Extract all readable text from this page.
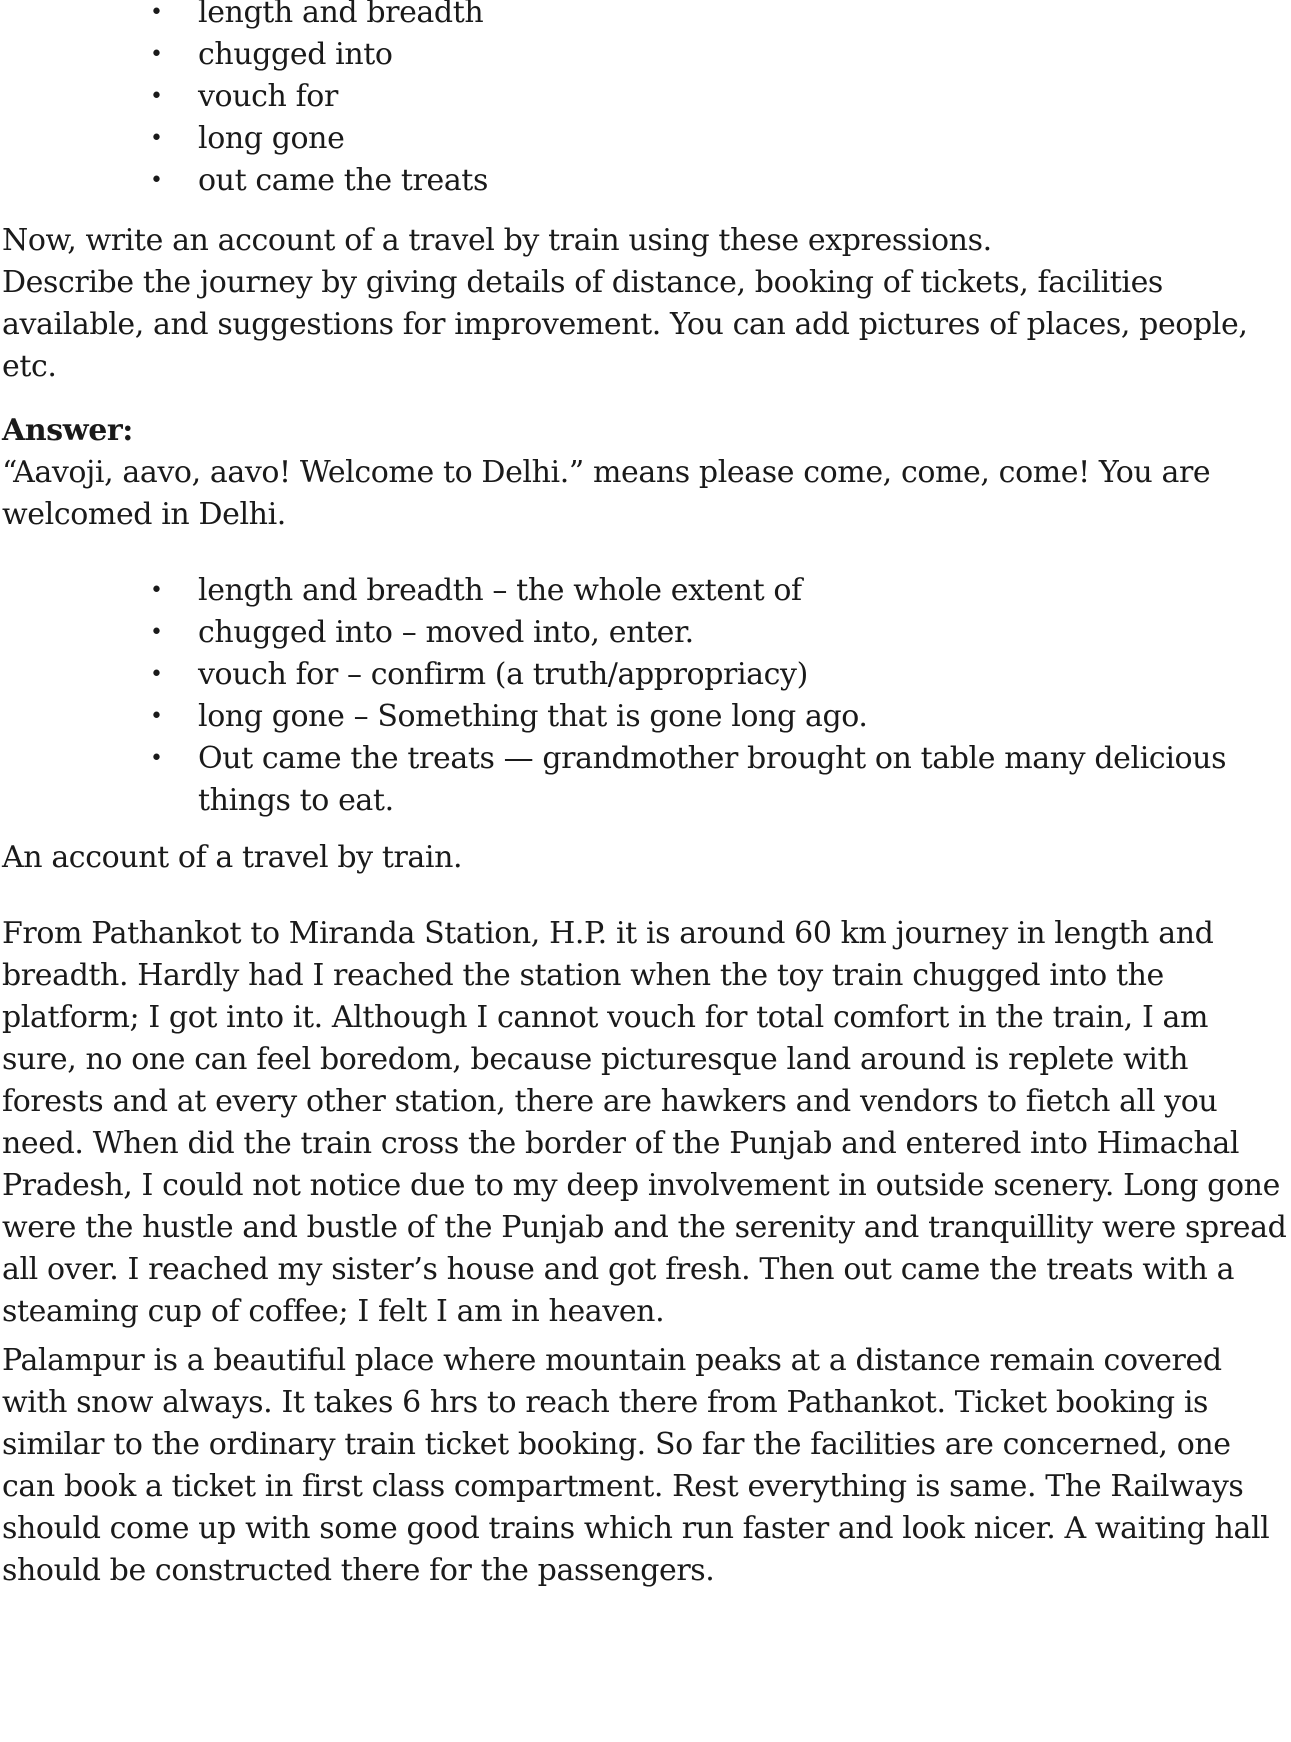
• length and breadth
• chugged into
• vouch for
• long gone
• out came the treats

Now, write an account of a travel by train using these expressions.

Describe the journey by giving details of distance, booking of tickets, facilities available, and suggestions for improvement. You can add pictures of places, people, etc.

Answer:

“Aavoji, aavo, aavo! Welcome to Delhi.” means please come, come, come! You are welcomed in Delhi.

• length and breadth – the whole extent of
• chugged into – moved into, enter.
• vouch for – confirm (a truth/appropriacy)
• long gone – Something that is gone long ago.
• Out came the treats — grandmother brought on table many delicious things to eat.

An account of a travel by train.

From Pathankot to Miranda Station, H.P. it is around 60 km journey in length and breadth. Hardly had I reached the station when the toy train chugged into the platform; I got into it. Although I cannot vouch for total comfort in the train, I am sure, no one can feel boredom, because picturesque land around is replete with forests and at every other station, there are hawkers and vendors to fietch all you need. When did the train cross the border of the Punjab and entered into Himachal Pradesh, I could not notice due to my deep involvement in outside scenery. Long gone were the hustle and bustle of the Punjab and the serenity and tranquillity were spread all over. I reached my sister’s house and got fresh. Then out came the treats with a steaming cup of coffee; I felt I am in heaven.

Palampur is a beautiful place where mountain peaks at a distance remain covered with snow always. It takes 6 hrs to reach there from Pathankot. Ticket booking is similar to the ordinary train ticket booking. So far the facilities are concerned, one can book a ticket in first class compartment. Rest everything is same. The Railways should come up with some good trains which run faster and look nicer. A waiting hall should be constructed there for the passengers.
